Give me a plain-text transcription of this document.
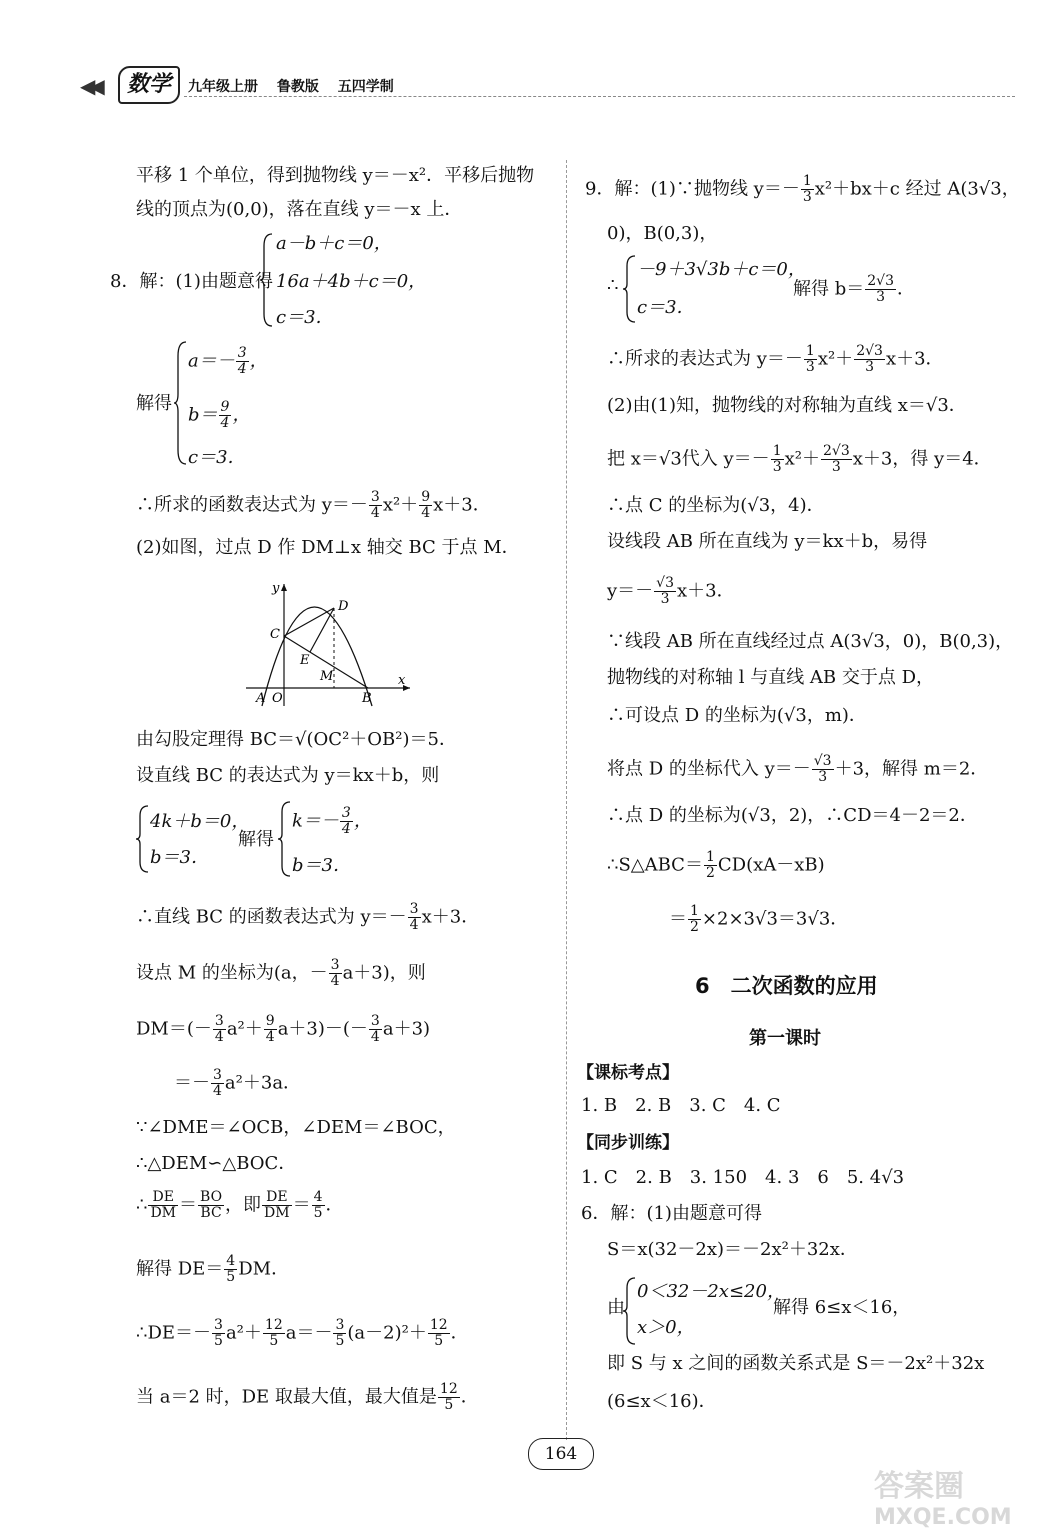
◀◀	数学	九年级上册 鲁教版 五四学制
平移 1 个单位，得到抛物线 y＝－x²．平移后抛物
线的顶点为(0,0)，落在直线 y＝－x 上．
8．解：(1)由题意得
a－b＋c＝0，
16a＋4b＋c＝0，
c＝3．
解得
$a=- \frac{3}{4}$ ，
$b= \frac{9}{4}$ ，
c＝3．
∴所求的函数表达式为 $y=- \frac{3}{4} x^2+ \frac{9}{4} x+3$．
(2)如图，过点 D 作 DM⊥x 轴交 BC 于点 M．
y
x
C
D
E
M
A O	B
由勾股定理得 BC＝√(OC²＋OB²)＝5．
设直线 BC 的表达式为 y＝kx＋b，则
4k＋b＝0，
b＝3．
解得
$k=- \frac{3}{4}$ ，
b＝3．
∴直线 BC 的函数表达式为 $y=- \frac{3}{4} x+3$．
设点 M 的坐标为(a，－ $\frac{3}{4} a+3$)，则
$DM=(- \frac{3}{4} a^2+ \frac{9}{4} a+3)-(- \frac{3}{4} a+3)$
＝－ $\frac{3}{4} a^2+3a$．
∵∠DME＝∠OCB，∠DEM＝∠BOC，
∴△DEM∽△BOC．
∴ $\frac{DE}{DM} = \frac{BO}{BC}$ ，即 $\frac{DE}{DM} = \frac{4}{5}$ ．
解得 $DE= \frac{4}{5}$ DM．
∴DE＝－ $\frac{3}{5} a^2+ \frac{12}{5} a=- \frac{3}{5} (a-2)^2+ \frac{12}{5}$ ．
当 a＝2 时，DE 取最大值，最大值是 $\frac{12}{5}$ ．
9．解：(1)∵抛物线 $y=- \frac{1}{3} x^2+bx+c$ 经过 A(3√3，
0)，B(0,3)，
∴
－9＋3√3b＋c＝0，
c＝3．
解得 $b= \frac{2√3}{3}$ ．
∴所求的表达式为 $y=- \frac{1}{3} x^2+ \frac{2√3}{3} x+3$．
(2)由(1)知，抛物线的对称轴为直线 x＝√3．
把 x＝√3代入 $y=- \frac{1}{3} x^2+ \frac{2√3}{3} x+3$，得 y＝4．
∴点 C 的坐标为(√3，4)．
设线段 AB 所在直线为 y＝kx＋b，易得
$y=- \frac{√3}{3} x+3$．
∵线段 AB 所在直线经过点 A(3√3，0)，B(0,3)，
抛物线的对称轴 l 与直线 AB 交于点 D，
∴可设点 D 的坐标为(√3，m)．
将点 D 的坐标代入 $y=- \frac{√3}{3} +3$，解得 m＝2．
∴点 D 的坐标为(√3，2)，∴CD＝4－2＝2．
∴S△ABC＝ $\frac{1}{2} CD(xA-xB)$
＝ $\frac{1}{2} \times 2\times 3√3=3√3$．
6　二次函数的应用
第一课时
【课标考点】
1. B　2. B　3. C　4. C
【同步训练】
1. C　2. B　3. 150　4. 3　6　5. 4√3
6．解：(1)由题意可得
S＝x(32－2x)＝－2x²＋32x．
由
0＜32－2x≤20，
x＞0，
解得 6≤x＜16，
即 S 与 x 之间的函数关系式是 S＝－2x²＋32x
(6≤x＜16)．
164
答案圈
MXQE.COM
